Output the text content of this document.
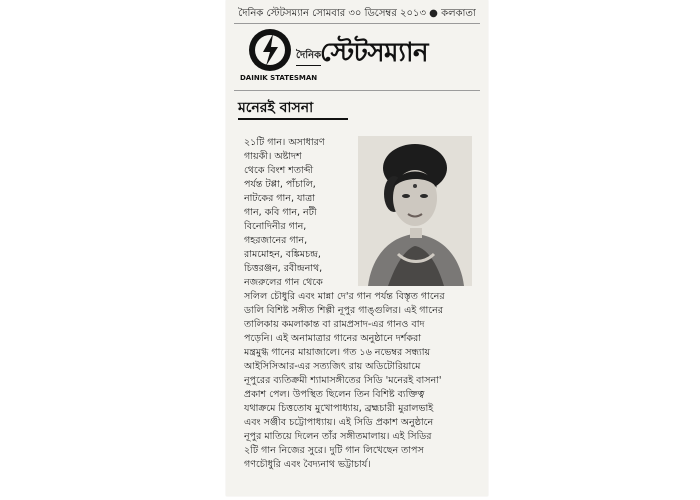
দৈনিক স্টেটসম্যান সোমবার ৩০ ডিসেম্বর ২০১৩ ● কলকাতা
DAINIK STATESMAN
দৈনিক
স্টেটসম্যান
মনেরই বাসনা
২১টি গান। অসাধারণ
গায়কী। অষ্টাদশ
থেকে বিংশ শতাব্দী
পর্যন্ত টপ্পা, পাঁচালি,
নাটকের গান, যাত্রা
গান, কবি গান, নটী
বিনোদিনীর গান,
গহরজানের গান,
রামমোহন, বঙ্কিমচন্দ্র,
চিত্তরঞ্জন, রবীন্দ্রনাথ,
নজরুলের গান থেকে
সলিল চৌধুরি এবং মান্না দে'র গান পর্যন্ত বিস্তৃত গানের
ডালি বিশিষ্ট সঙ্গীত শিল্পী নূপুর গাঙ্গুলির। এই গানের
তালিকায় কমলাকান্ত বা রামপ্রসাদ-এর গানও বাদ
পড়েনি। এই অনামাত্রার গানের অনুষ্ঠানে দর্শকরা
মন্ত্রমুগ্ধ গানের মায়াজালে। গত ১৬ নভেম্বর সন্ধ্যায়
আইসিসিআর-এর সত্যজিৎ রায় অডিটোরিয়ামে
নূপুরের ব্যতিক্রমী শ্যামাসঙ্গীতের সিডি 'মনেরই বাসনা'
প্রকাশ পেল। উপস্থিত ছিলেন তিন বিশিষ্ট ব্যক্তিত্ব
যথাক্রমে চিত্ততোষ মুখোপাধ্যায়, ব্রহ্মচারী মুরালভাই
এবং সঞ্জীব চট্টোপাধ্যায়। এই সিডি প্রকাশ অনুষ্ঠানে
নূপুর মাতিয়ে দিলেন তাঁর সঙ্গীতমালায়। এই সিডির
২টি গান নিজের সুরে। দুটি গান লিখেছেন তাপস
গণচৌধুরি এবং বৈদ্যনাথ ভট্টাচার্য।
